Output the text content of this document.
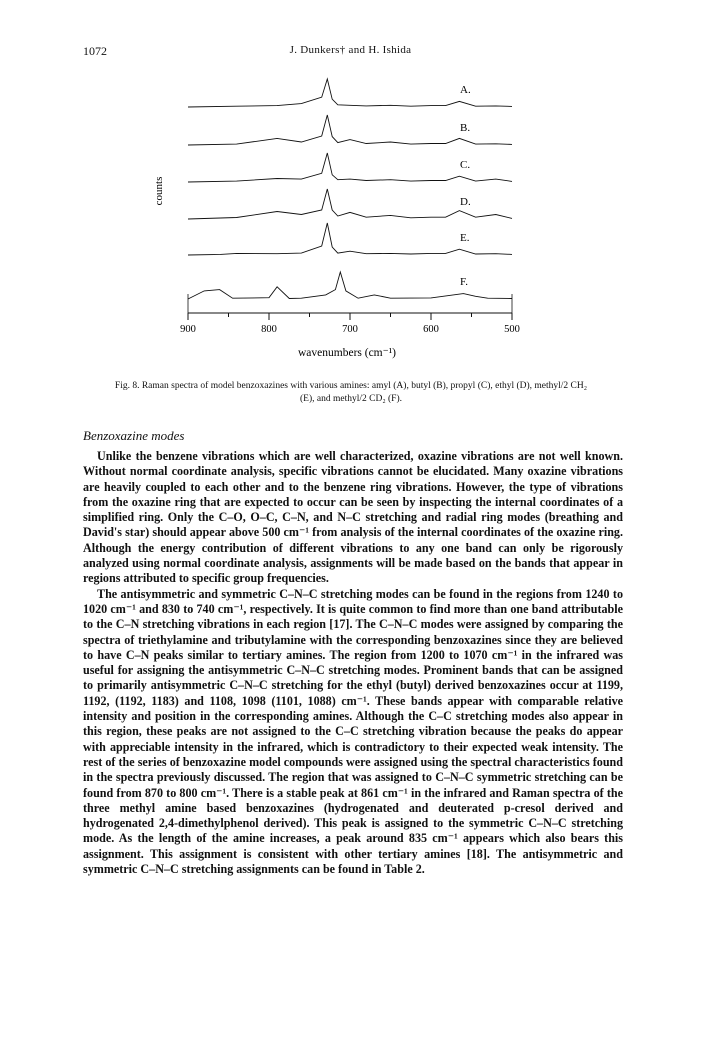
1072	J. Dunkers† and H. Ishida
counts
A.
B.
C.
D.
E.
F.
900	800	700	600	500
wavenumbers (cm⁻¹)
Fig. 8. Raman spectra of model benzoxazines with various amines: amyl (A), butyl (B), propyl (C), ethyl (D), methyl/2 CH₂ (E), and methyl/2 CD₂ (F).
Benzoxazine modes

Unlike the benzene vibrations which are well characterized, oxazine vibrations are not well known. Without normal coordinate analysis, specific vibrations cannot be elucidated. Many oxazine vibrations are heavily coupled to each other and to the benzene ring vibrations. However, the type of vibrations from the oxazine ring that are expected to occur can be seen by inspecting the internal coordinates of a simplified ring. Only the C–O, O–C, C–N, and N–C stretching and radial ring modes (breathing and David's star) should appear above 500 cm⁻¹ from analysis of the internal coordinates of the oxazine ring. Although the energy contribution of different vibrations to any one band can only be rigorously analyzed using normal coordinate analysis, assignments will be made based on the bands that appear in regions attributed to specific group frequencies.

The antisymmetric and symmetric C–N–C stretching modes can be found in the regions from 1240 to 1020 cm⁻¹ and 830 to 740 cm⁻¹, respectively. It is quite common to find more than one band attributable to the C–N stretching vibrations in each region [17]. The C–N–C modes were assigned by comparing the spectra of triethylamine and tributylamine with the corresponding benzoxazines since they are believed to have C–N peaks similar to tertiary amines. The region from 1200 to 1070 cm⁻¹ in the infrared was useful for assigning the antisymmetric C–N–C stretching modes. Prominent bands that can be assigned to primarily antisymmetric C–N–C stretching for the ethyl (butyl) derived benzoxazines occur at 1199, 1192, (1192, 1183) and 1108, 1098 (1101, 1088) cm⁻¹. These bands appear with comparable relative intensity and position in the corresponding amines. Although the C–C stretching modes also appear in this region, these peaks are not assigned to the C–C stretching vibration because the peaks do appear with appreciable intensity in the infrared, which is contradictory to their expected weak intensity. The rest of the series of benzoxazine model compounds were assigned using the spectral characteristics found in the spectra previously discussed. The region that was assigned to C–N–C symmetric stretching can be found from 870 to 800 cm⁻¹. There is a stable peak at 861 cm⁻¹ in the infrared and Raman spectra of the three methyl amine based benzoxazines (hydrogenated and deuterated p-cresol derived and hydrogenated 2,4-dimethylphenol derived). This peak is assigned to the symmetric C–N–C stretching mode. As the length of the amine increases, a peak around 835 cm⁻¹ appears which also bears this assignment. This assignment is consistent with other tertiary amines [18]. The antisymmetric and symmetric C–N–C stretching assignments can be found in Table 2.
